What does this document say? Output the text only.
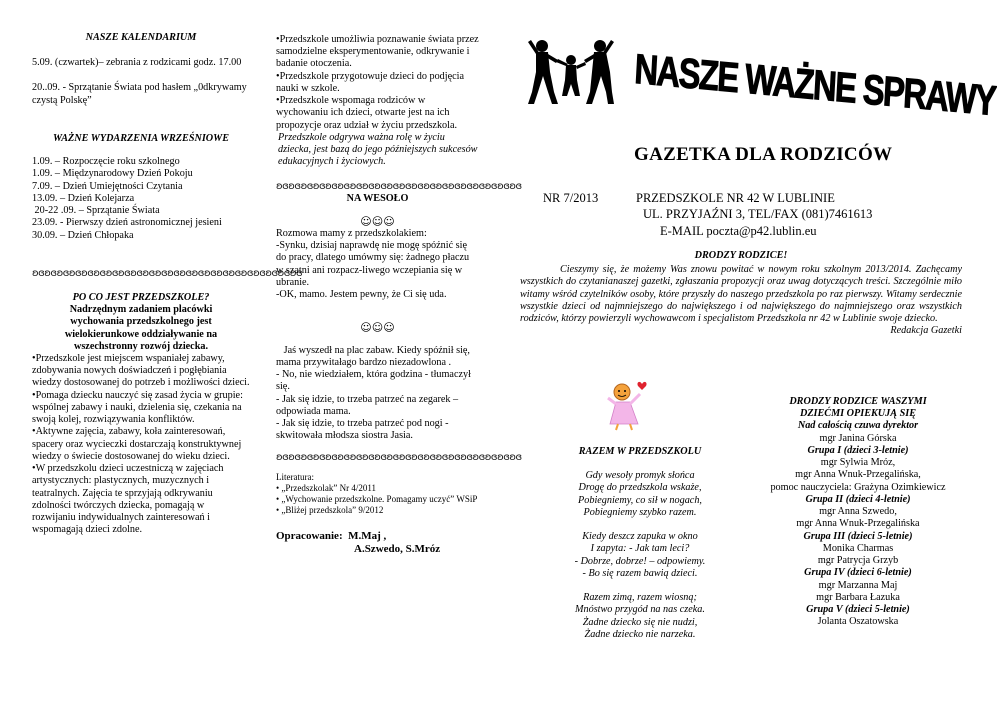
NASZE KALENDARIUM

5.09. (czwartek)– zebrania z rodzicami godz. 17.00

20..09. - Sprzątanie Świata pod hasłem „0dkrywamy czystą Polskę”

WAŻNE WYDARZENIA WRZEŚNIOWE

1.09. – Rozpoczęcie roku szkolnego

1.09. – Międzynarodowy Dzień Pokoju

7.09. – Dzień Umiejętności Czytania

13.09. – Dzień Kolejarza

20-22 .09. – Sprzątanie Świata

23.09. - Pierwszy dzień astronomicznej jesieni

30.09. – Dzień Chłopaka

ʚɞʚɞʚɞʚɞʚɞʚɞʚɞʚɞʚɞʚɞʚɞʚɞʚɞʚɞʚɞʚɞʚɞʚɞʚɞʚɞʚɞʚɞ

PO CO JEST PRZEDSZKOLE?

Nadrzędnym zadaniem placówki wychowania przedszkolnego jest wielokierunkowe oddziaływanie na wszechstronny rozwój dziecka.

•Przedszkole jest miejscem wspaniałej zabawy, zdobywania nowych doświadczeń i pogłębiania wiedzy dostosowanej do potrzeb i możliwości dzieci.

•Pomaga dziecku nauczyć się zasad życia w grupie: wspólnej zabawy i nauki, dzielenia się, czekania na swoją kolej, rozwiązywania konfliktów.

•Aktywne zajęcia, zabawy, koła zainteresowań, spacery oraz wycieczki dostarczają konstruktywnej wiedzy o świecie dostosowanej do wieku dzieci.

•W przedszkolu dzieci uczestniczą w zajęciach artystycznych: plastycznych, muzycznych i teatralnych. Zajęcia te sprzyjają odkrywaniu zdolności twórczych dziecka, pomagają w rozwijaniu indywidualnych zainteresowań i wspomagają dzieci zdolne.

•Przedszkole umożliwia poznawanie świata przez samodzielne eksperymentowanie, odkrywanie i badanie otoczenia.

•Przedszkole przygotowuje dzieci do podjęcia nauki w szkole.

•Przedszkole wspomaga rodziców w wychowaniu ich dzieci, otwarte jest na ich propozycje oraz udział w życiu przedszkola.

Przedszkole odgrywa ważna rolę w życiu dziecka, jest bazą do jego późniejszych sukcesów edukacyjnych i życiowych.

ʚɞʚɞʚɞʚɞʚɞʚɞʚɞʚɞʚɞʚɞʚɞʚɞʚɞʚɞʚɞʚɞʚɞʚɞʚɞʚɞ

NA WESOŁO

☺☺☺

Rozmowa mamy z przedszkolakiem:

-Synku, dzisiaj naprawdę nie mogę spóźnić się do pracy, dlatego umówmy się: żadnego płaczu w szatni ani rozpacz-liwego wczepiania się w ubranie.

-OK, mamo. Jestem pewny, że Ci się uda.

☺☺☺

Jaś wyszedł na plac zabaw. Kiedy spóźnił się, mama przywitałago bardzo niezadowlona .

- No, nie wiedziałem, która godzina - tłumaczył się.

- Jak się idzie, to trzeba patrzeć na zegarek – odpowiada mama.

- Jak się idzie, to trzeba patrzeć pod nogi - skwitowała młodsza siostra Jasia.

ʚɞʚɞʚɞʚɞʚɞʚɞʚɞʚɞʚɞʚɞʚɞʚɞʚɞʚɞʚɞʚɞʚɞʚɞʚɞʚɞ

Literatura:

• „Przedszkolak” Nr 4/2011

• „Wychowanie przedszkolne. Pomagamy uczyć” WSiP

• „Bliżej przedszkola” 9/2012

Opracowanie: M.Maj ,

A.Szwedo, S.Mróz

NASZE WAŻNE SPRAWY
GAZETKA DLA RODZICÓW
NR 7/2013	PRZEDSZKOLE NR 42 W LUBLINIE
UL. PRZYJAŹNI 3, TEL/FAX (081)7461613
E-MAIL poczta@p42.lublin.eu

DRODZY RODZICE!

Cieszymy się, że możemy Was znowu powitać w nowym roku szkolnym 2013/2014. Zachęcamy wszystkich do czytanianaszej gazetki, zgłaszania propozycji oraz uwag dotyczących treści. Szczególnie miło witamy wśród czytelników osoby, które przyszły do naszego przedszkola po raz pierwszy. Witamy serdecznie wszystkie dzieci od najmniejszego do największego i od największego do najmniejszego oraz wszystkich rodziców, którzy powierzyli wychowawcom i specjalistom Przedszkola nr 42 w Lublinie swoje dziecko.

Redakcja Gazetki

RAZEM W PRZEDSZKOLU

Gdy wesoły promyk słońca

Drogę do przedszkola wskaże,

Pobiegniemy, co sił w nogach,

Pobiegniemy szybko razem.

Kiedy deszcz zapuka w okno

I zapyta: - Jak tam leci?

- Dobrze, dobrze! – odpowiemy.

- Bo się razem bawią dzieci.

Razem zimą, razem wiosną;

Mnóstwo przygód na nas czeka.

Żadne dziecko się nie nudzi,

Żadne dziecko nie narzeka.

DRODZY RODZICE WASZYMI DZIEĆMI OPIEKUJĄ SIĘ

Nad całością czuwa dyrektor

mgr Janina Górska

Grupa I (dzieci 3-letnie)

mgr Sylwia Mróz,

mgr Anna Wnuk-Przegalińska,

pomoc nauczyciela: Grażyna Ozimkiewicz

Grupa II (dzieci 4-letnie)

mgr Anna Szwedo,

mgr Anna Wnuk-Przegalińska

Grupa III (dzieci 5-letnie)

Monika Charmas

mgr Patrycja Grzyb

Grupa IV (dzieci 6-letnie)

mgr Marzanna Maj

mgr Barbara Łazuka

Grupa V (dzieci 5-letnie)

Jolanta Oszatowska
